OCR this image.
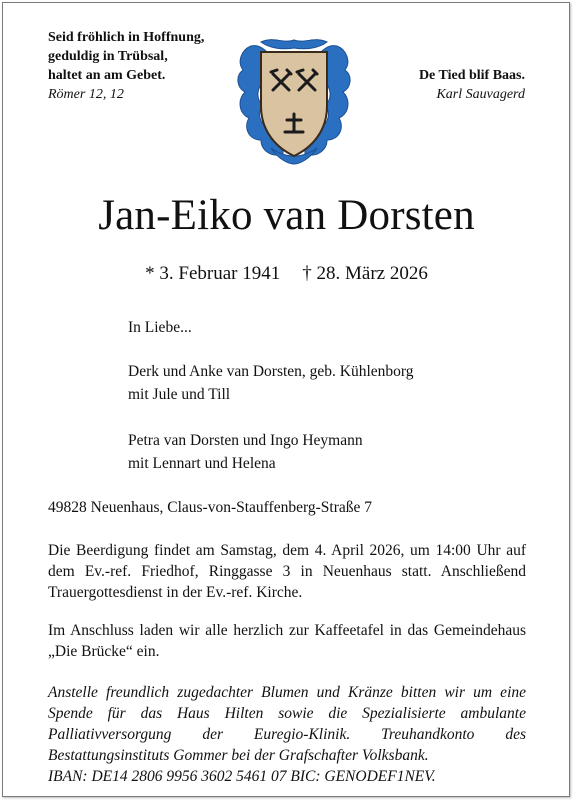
Seid fröhlich in Hoffnung,
geduldig in Trübsal,
haltet an am Gebet.
Römer 12, 12
De Tied blif Baas.
Karl Sauvagerd
Jan-Eiko van Dorsten
* 3. Februar 1941 † 28. März 2026
In Liebe...
Derk und Anke van Dorsten, geb. Kühlenborg
mit Jule und Till
Petra van Dorsten und Ingo Heymann
mit Lennart und Helena
49828 Neuenhaus, Claus-von-Stauffenberg-Straße 7
Die Beerdigung findet am Samstag, dem 4. April 2026, um 14:00 Uhr auf dem Ev.-ref. Friedhof, Ringgasse 3 in Neuenhaus statt. Anschließend Trauergottesdienst in der Ev.-ref. Kirche.
Im Anschluss laden wir alle herzlich zur Kaffeetafel in das Gemeindehaus „Die Brücke“ ein.
Anstelle freundlich zugedachter Blumen und Kränze bitten wir um eine Spende für das Haus Hilten sowie die Spezialisierte ambulante Palliativversorgung der Euregio-Klinik. Treuhandkonto des Bestattungsinstituts Gommer bei der Grafschafter Volksbank.
IBAN: DE14 2806 9956 3602 5461 07 BIC: GENODEF1NEV.
